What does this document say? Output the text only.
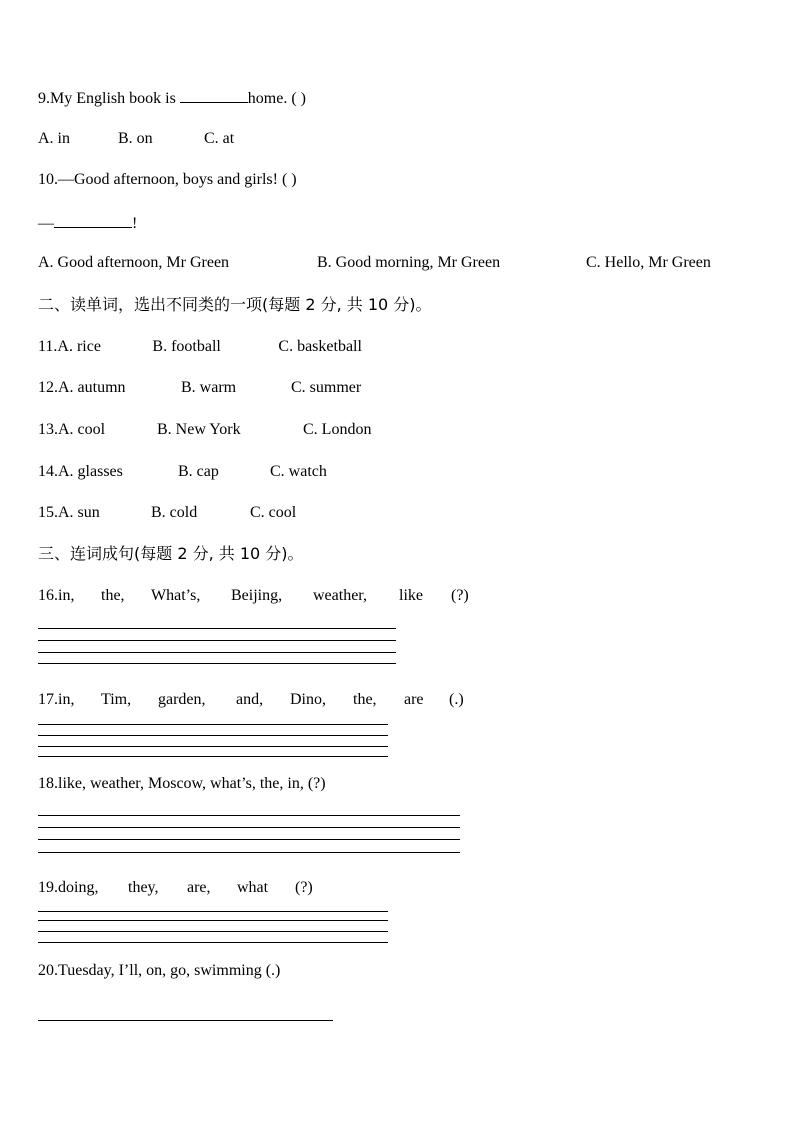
9.My English book is	home. ( )
A. in	B. on	C. at
10.—Good afternoon, boys and girls! ( )
—	!
A. Good afternoon, Mr Green	B. Good morning, Mr Green	C. Hello, Mr Green
二、读单词，选出不同类的一项(每题 2 分, 共 10 分)。
11.A. rice	B. football	C. basketball
12.A. autumn	B. warm	C. summer
13.A. cool	B. New York	C. London
14.A. glasses	B. cap	C. watch
15.A. sun	B. cold	C. cool
三、连词成句(每题 2 分, 共 10 分)。
16.in, the, What’s, Beijing, weather, like (?)
17.in, Tim, garden, and, Dino, the, are (.)
18.like, weather, Moscow, what’s, the, in, (?)
19.doing, they, are, what (?)
20.Tuesday, I’ll, on, go, swimming (.)
